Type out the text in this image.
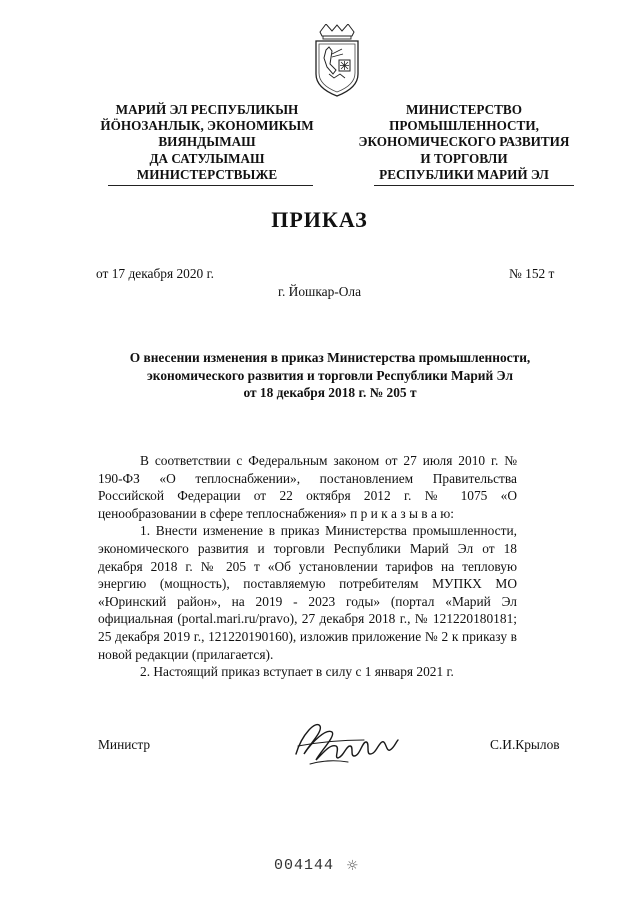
МАРИЙ ЭЛ РЕСПУБЛИКЫН
ЙӦНОЗАНЛЫК, ЭКОНОМИКЫМ
ВИЯНДЫМАШ
ДА САТУЛЫМАШ
МИНИСТЕРСТВЫЖЕ
МИНИСТЕРСТВО
ПРОМЫШЛЕННОСТИ,
ЭКОНОМИЧЕСКОГО РАЗВИТИЯ
И ТОРГОВЛИ
РЕСПУБЛИКИ МАРИЙ ЭЛ
ПРИКАЗ
от 17 декабря 2020 г.	№ 152 т
г. Йошкар-Ола
О внесении изменения в приказ Министерства промышленности,
экономического развития и торговли Республики Марий Эл
от 18 декабря 2018 г. № 205 т

В соответствии с Федеральным законом от 27 июля 2010 г. № 190-ФЗ «О теплоснабжении», постановлением Правительства Российской Федерации от 22 октября 2012 г. № 1075 «О ценообразовании в сфере теплоснабжения» п р и к а з ы в а ю:

1. Внести изменение в приказ Министерства промышленности, экономического развития и торговли Республики Марий Эл от 18 декабря 2018 г. № 205 т «Об установлении тарифов на тепловую энергию (мощность), поставляемую потребителям МУПКХ МО «Юринский район», на 2019 - 2023 годы» (портал «Марий Эл официальная (portal.mari.ru/pravo), 27 декабря 2018 г., № 121220180181; 25 декабря 2019 г., 121220190160), изложив приложение № 2 к приказу в новой редакции (прилагается).

2. Настоящий приказ вступает в силу с 1 января 2021 г.

Министр	С.И.Крылов
004144 ☼
